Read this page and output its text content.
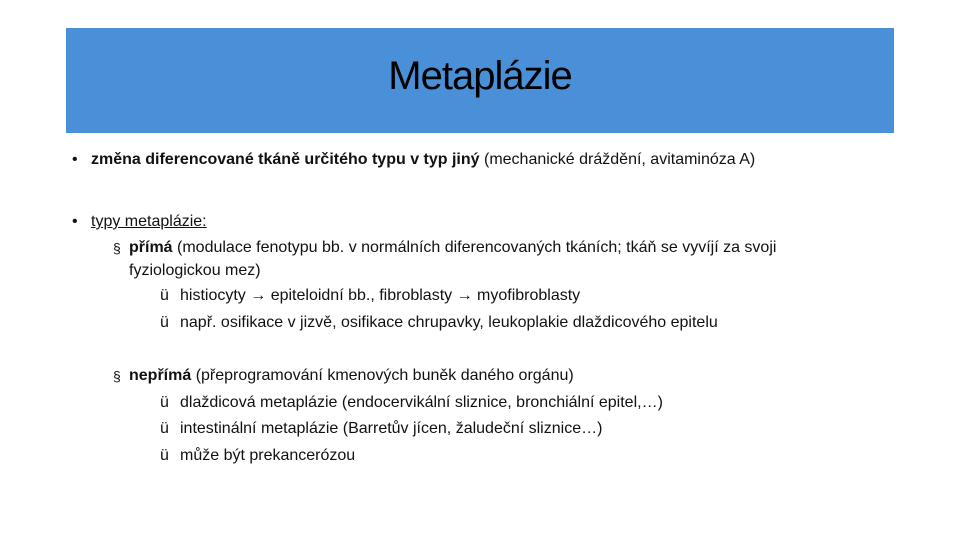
Metaplázie
• změna diferencované tkáně určitého typu v typ jiný (mechanické dráždění, avitaminóza A)
• typy metaplázie:
§ přímá (modulace fenotypu bb. v normálních diferencovaných tkáních; tkáň se vyvíjí za svoji
fyziologickou mez)
ü histiocyty → epiteloidní bb., fibroblasty → myofibroblasty
ü např. osifikace v jizvě, osifikace chrupavky, leukoplakie dlaždicového epitelu
§ nepřímá (přeprogramování kmenových buněk daného orgánu)
ü dlaždicová metaplázie (endocervikální sliznice, bronchiální epitel,…)
ü intestinální metaplázie (Barretův jícen, žaludeční sliznice…)
ü může být prekancerózou
